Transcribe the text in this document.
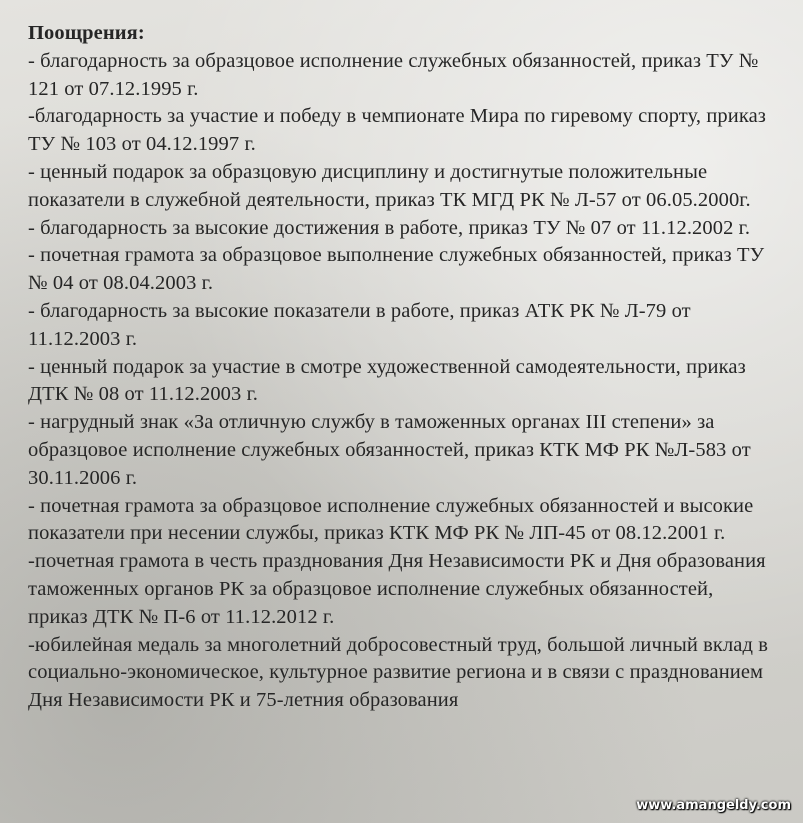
Поощрения:

- благодарность за образцовое исполнение служебных обязанностей, приказ ТУ № 121 от 07.12.1995 г.

-благодарность за участие и победу в чемпионате Мира по гиревому спорту, приказ ТУ № 103 от 04.12.1997 г.

- ценный подарок за образцовую дисциплину и достигнутые положительные показатели в служебной деятельности, приказ ТК МГД РК № Л-57 от 06.05.2000г.

- благодарность за высокие достижения в работе, приказ ТУ № 07 от 11.12.2002 г.

- почетная грамота за образцовое выполнение служебных обязанностей, приказ ТУ № 04 от 08.04.2003 г.

- благодарность за высокие показатели в работе, приказ АТК РК № Л-79 от 11.12.2003 г.

- ценный подарок за участие в смотре художественной самодеятельности, приказ ДТК № 08 от 11.12.2003 г.

- нагрудный знак «За отличную службу в таможенных органах III степени» за образцовое исполнение служебных обязанностей, приказ КТК МФ РК №Л-583 от 30.11.2006 г.

- почетная грамота за образцовое исполнение служебных обязанностей и высокие показатели при несении службы, приказ КТК МФ РК № ЛП-45 от 08.12.2001 г.

-почетная грамота в честь празднования Дня Независимости РК и Дня образования таможенных органов РК за образцовое исполнение служебных обязанностей, приказ ДТК № П-6 от 11.12.2012 г.

-юбилейная медаль за многолетний добросовестный труд, большой личный вклад в социально-экономическое, культурное развитие региона и в связи с празднованием Дня Независимости РК и 75-летния образования

www.amangeldy.com
